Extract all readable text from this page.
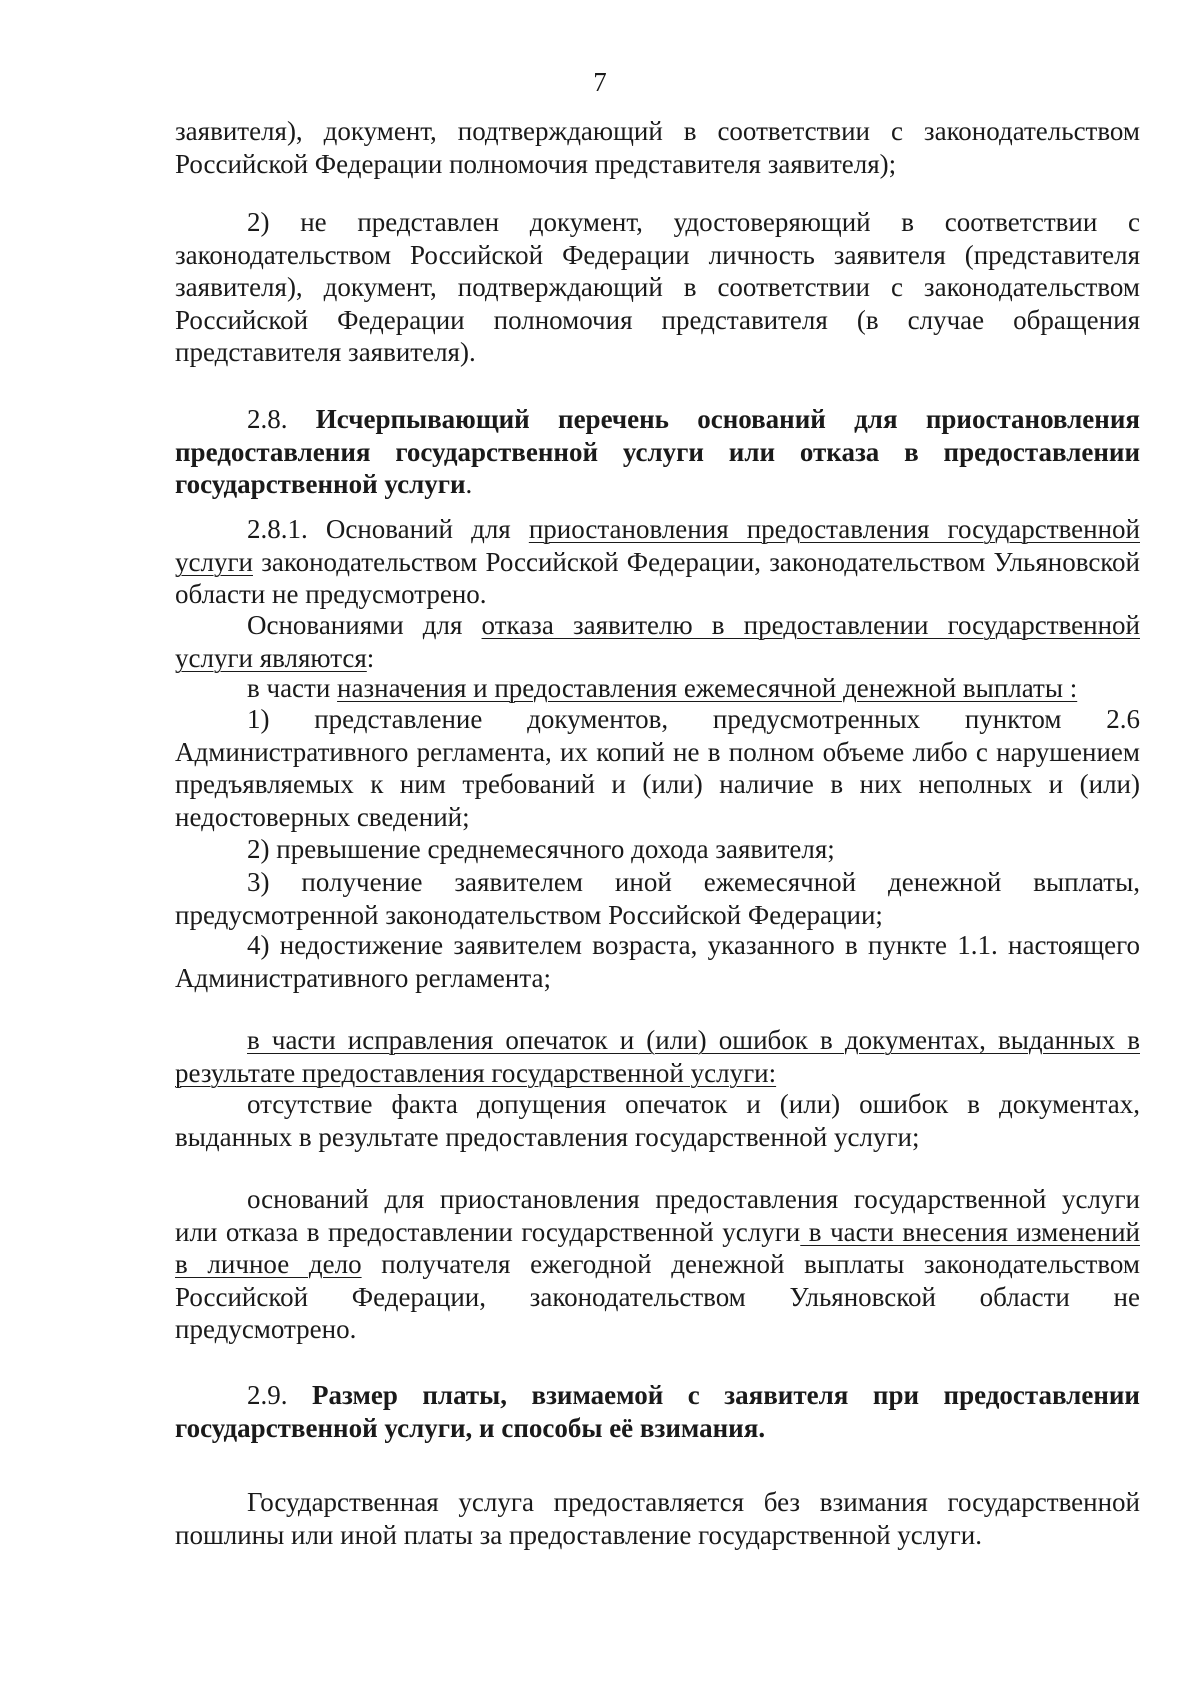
7

заявителя), документ, подтверждающий в соответствии с законодательством

Российской Федерации полномочия представителя заявителя);

2) не представлен документ, удостоверяющий в соответствии с законодательством Российской Федерации личность заявителя (представителя заявителя), документ, подтверждающий в соответствии с законодательством Российской Федерации полномочия представителя (в случае обращения представителя заявителя).

2.8. Исчерпывающий перечень оснований для приостановления предоставления государственной услуги или отказа в предоставлении государственной услуги.

2.8.1. Оснований для приостановления предоставления государственной услуги законодательством Российской Федерации, законодательством Ульяновской области не предусмотрено.

Основаниями для отказа заявителю в предоставлении государственной услуги являются:

в части назначения и предоставления ежемесячной денежной выплаты :

1) представление документов, предусмотренных пунктом 2.6 Административного регламента, их копий не в полном объеме либо с нарушением предъявляемых к ним требований и (или) наличие в них неполных и (или) недостоверных сведений;

2) превышение среднемесячного дохода заявителя;

3) получение заявителем иной ежемесячной денежной выплаты, предусмотренной законодательством Российской Федерации;

4) недостижение заявителем возраста, указанного в пункте 1.1. настоящего Административного регламента;

в части исправления опечаток и (или) ошибок в документах, выданных в результате предоставления государственной услуги:

отсутствие факта допущения опечаток и (или) ошибок в документах, выданных в результате предоставления государственной услуги;

оснований для приостановления предоставления государственной услуги или отказа в предоставлении государственной услуги в части внесения изменений в личное дело получателя ежегодной денежной выплаты законодательством Российской Федерации, законодательством Ульяновской области не предусмотрено.

2.9. Размер платы, взимаемой с заявителя при предоставлении государственной услуги, и способы её взимания.

Государственная услуга предоставляется без взимания государственной пошлины или иной платы за предоставление государственной услуги.
